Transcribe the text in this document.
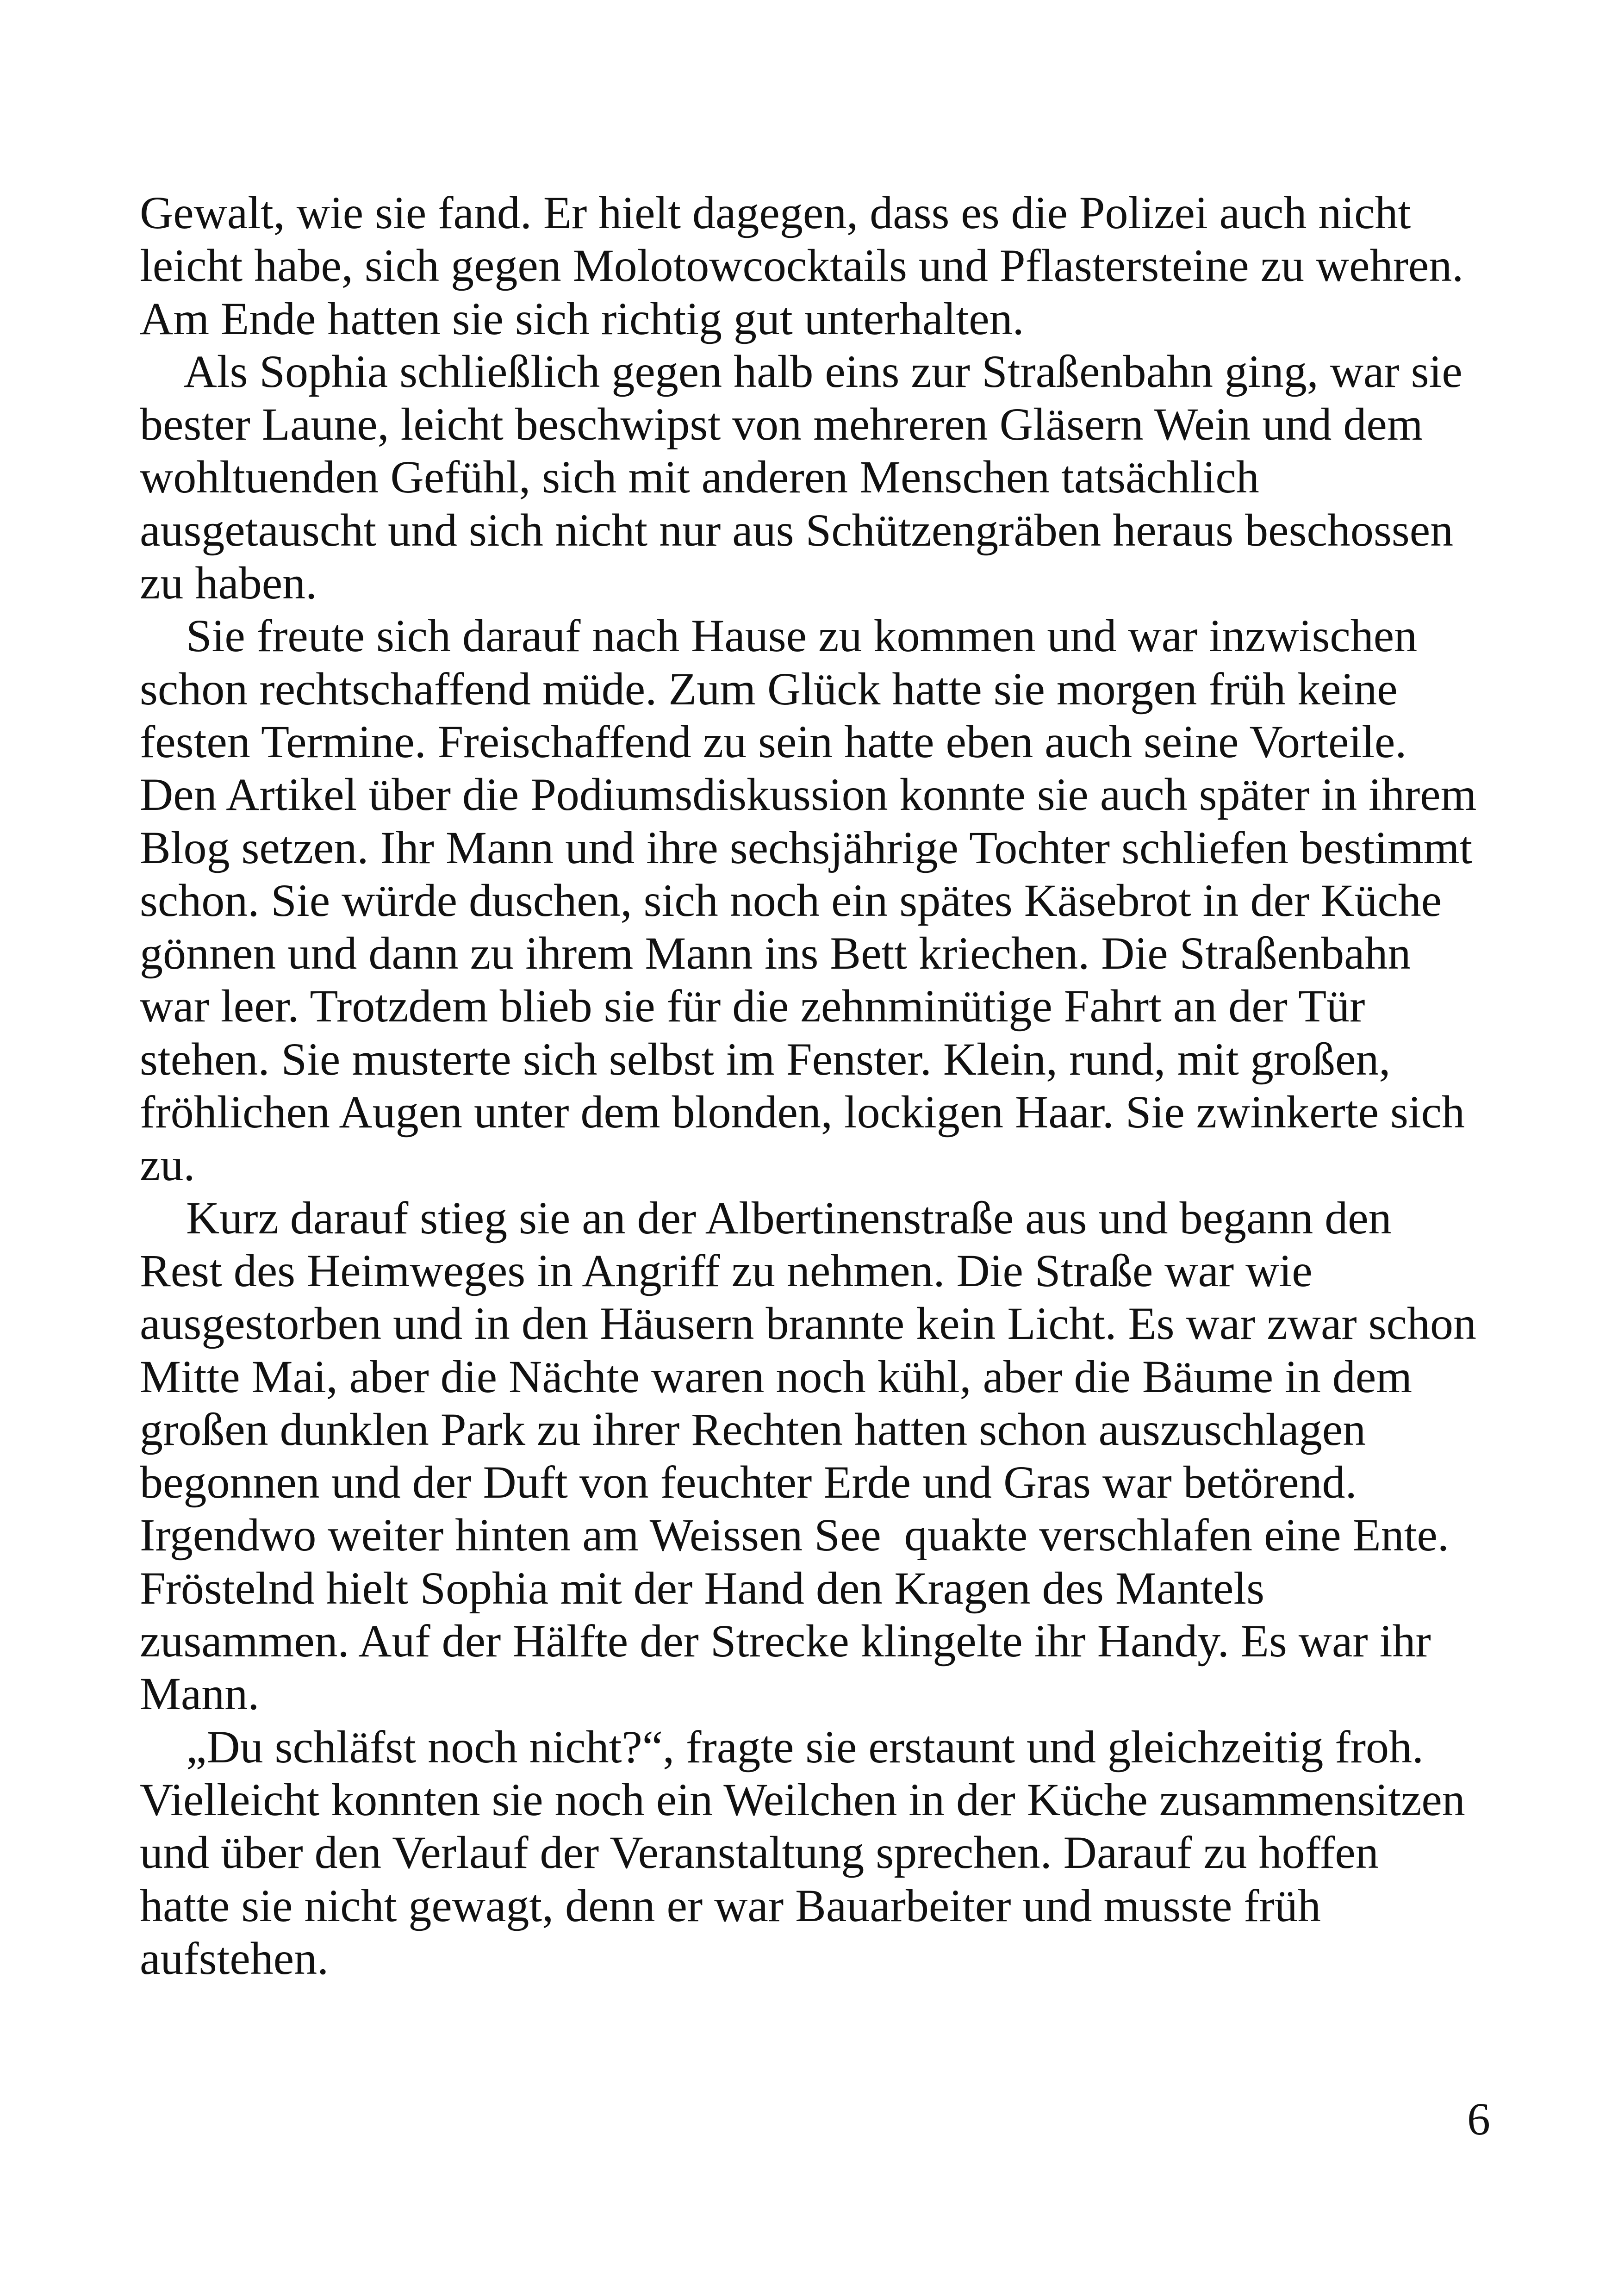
Gewalt, wie sie fand. Er hielt dagegen, dass es die Polizei auch nicht
leicht habe, sich gegen Molotowcocktails und Pflastersteine zu wehren.
Am Ende hatten sie sich richtig gut unterhalten.
Als Sophia schließlich gegen halb eins zur Straßenbahn ging, war sie
bester Laune, leicht beschwipst von mehreren Gläsern Wein und dem
wohltuenden Gefühl, sich mit anderen Menschen tatsächlich
ausgetauscht und sich nicht nur aus Schützengräben heraus beschossen
zu haben.
Sie freute sich darauf nach Hause zu kommen und war inzwischen
schon rechtschaffend müde. Zum Glück hatte sie morgen früh keine
festen Termine. Freischaffend zu sein hatte eben auch seine Vorteile.
Den Artikel über die Podiumsdiskussion konnte sie auch später in ihrem
Blog setzen. Ihr Mann und ihre sechsjährige Tochter schliefen bestimmt
schon. Sie würde duschen, sich noch ein spätes Käsebrot in der Küche
gönnen und dann zu ihrem Mann ins Bett kriechen. Die Straßenbahn
war leer. Trotzdem blieb sie für die zehnminütige Fahrt an der Tür
stehen. Sie musterte sich selbst im Fenster. Klein, rund, mit großen,
fröhlichen Augen unter dem blonden, lockigen Haar. Sie zwinkerte sich
zu.
Kurz darauf stieg sie an der Albertinenstraße aus und begann den
Rest des Heimweges in Angriff zu nehmen. Die Straße war wie
ausgestorben und in den Häusern brannte kein Licht. Es war zwar schon
Mitte Mai, aber die Nächte waren noch kühl, aber die Bäume in dem
großen dunklen Park zu ihrer Rechten hatten schon auszuschlagen
begonnen und der Duft von feuchter Erde und Gras war betörend.
Irgendwo weiter hinten am Weissen See  quakte verschlafen eine Ente.
Fröstelnd hielt Sophia mit der Hand den Kragen des Mantels
zusammen. Auf der Hälfte der Strecke klingelte ihr Handy. Es war ihr
Mann.
„Du schläfst noch nicht?“, fragte sie erstaunt und gleichzeitig froh.
Vielleicht konnten sie noch ein Weilchen in der Küche zusammensitzen
und über den Verlauf der Veranstaltung sprechen. Darauf zu hoffen
hatte sie nicht gewagt, denn er war Bauarbeiter und musste früh
aufstehen.
6
